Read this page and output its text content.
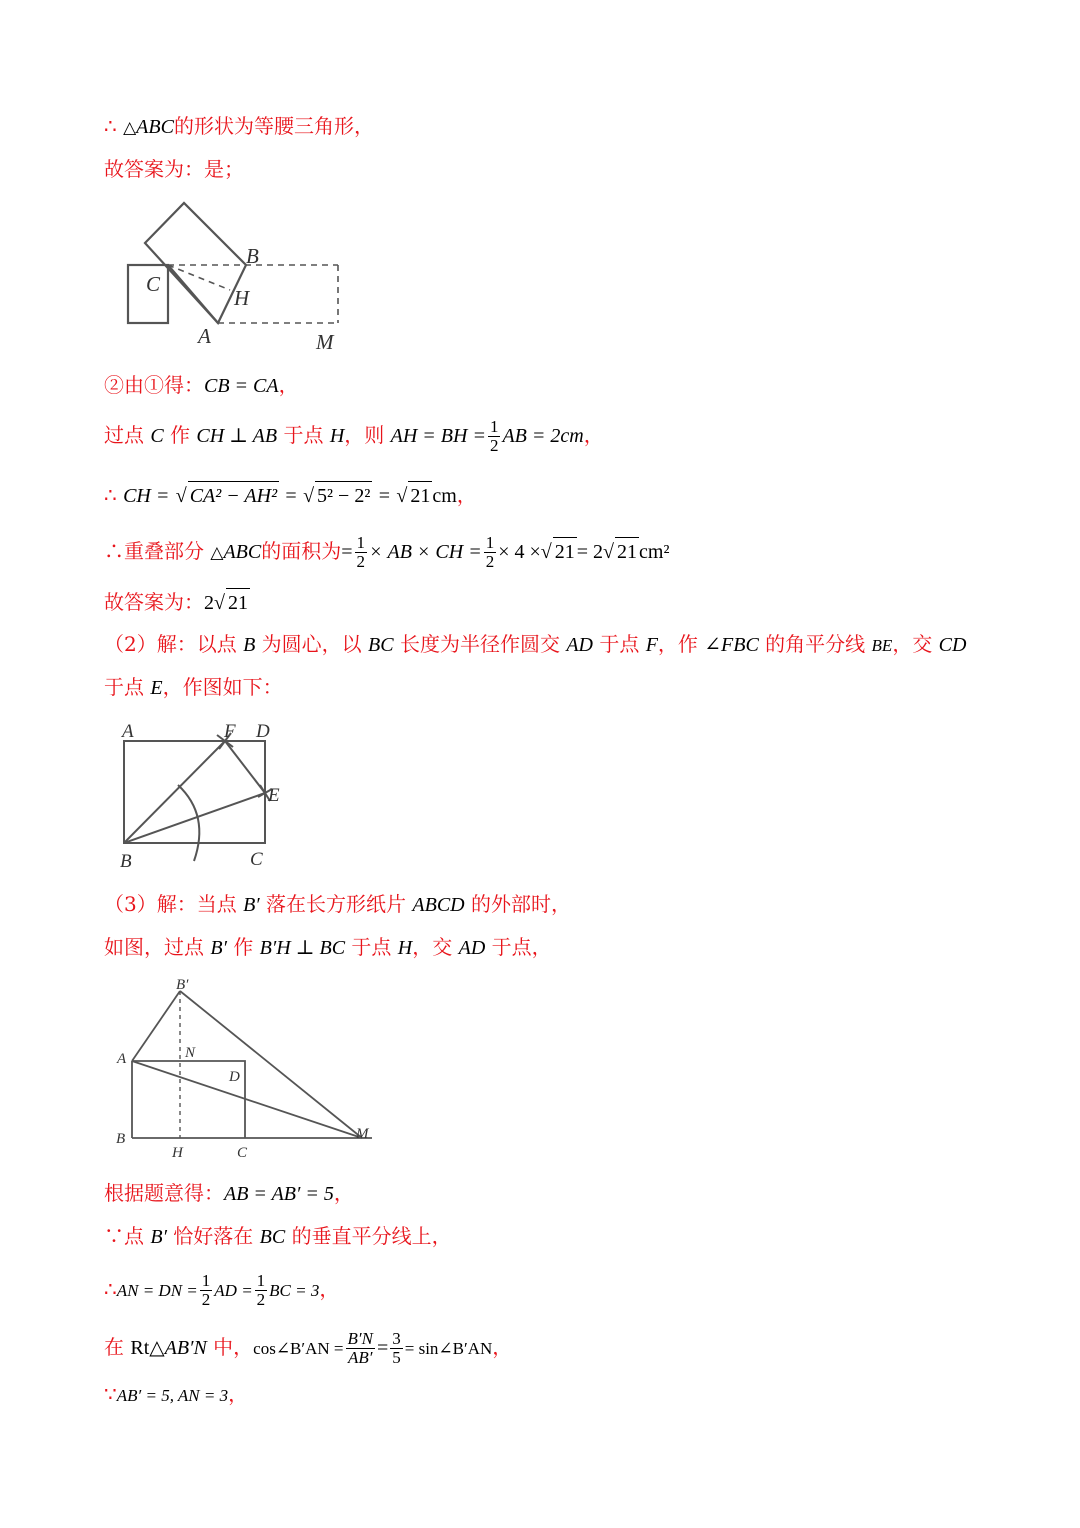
∴ △ABC的形状为等腰三角形，
故答案为：是；
B
C
H
A	M
②由①得：CB = CA，
过点 C 作 CH ⊥ AB 于点 H，则 AH = BH = $\frac{1}{2}$ AB = 2cm，
∴ CH = √ CA² − AH² = √ 5² − 2² = √ 21 cm，
∴重叠部分 △ABC的面积为= $\frac{1}{2}$ × AB × CH = $\frac{1}{2} \times 4$ ×√ 21 = 2√ 21 cm²
故答案为：2√ 21
（2）解：以点 B 为圆心，以 BC 长度为半径作圆交 AD 于点 F，作 ∠FBC 的角平分线 BE，交 CD
于点 E，作图如下：
A	F D
E
B	C
（3）解：当点 B′ 落在长方形纸片 ABCD 的外部时，
如图，过点 B′ 作 B′H ⊥ BC 于点 H，交 AD 于点，
B′
A	N
D
B
H	C
M
根据题意得：AB = AB′ = 5，
∵点 B′ 恰好落在 BC 的垂直平分线上，
∴AN = DN = $\frac{1}{2}$ AD = $\frac{1}{2}$ BC = 3，
在 Rt△AB′N 中，cos∠B′AN = $\frac{B'N}{AB'} = \frac{3}{5}$ = sin∠B′AN，
∵AB′ = 5, AN = 3，
